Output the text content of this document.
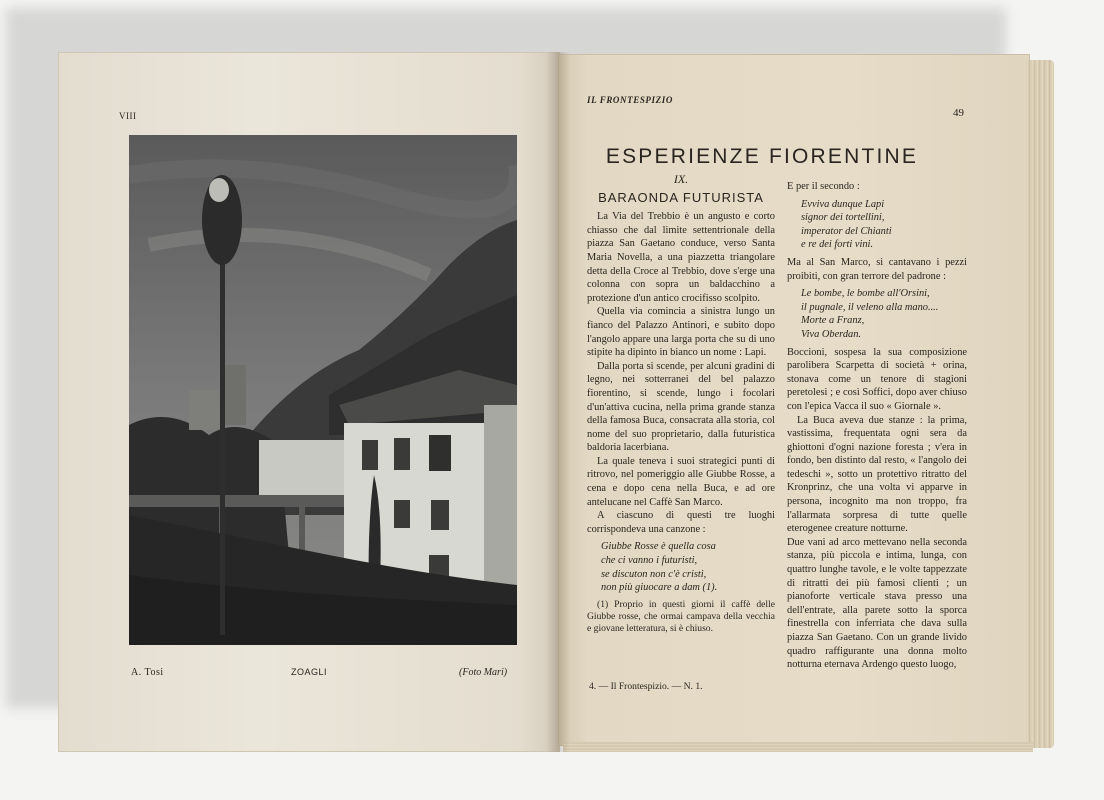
VIII
A. Tosi	ZOAGLI	(Foto Mari)
IL FRONTESPIZIO
49
ESPERIENZE FIORENTINE
IX.
BARAONDA FUTURISTA

La Via del Trebbio è un angusto e corto chiasso che dal limite settentrionale della piazza San Gaetano conduce, verso Santa Maria Novella, a una piazzetta triangolare detta della Croce al Trebbio, dove s'erge una colonna con sopra un baldacchino a protezione d'un antico crocifisso scolpito.

Quella via comincia a sinistra lungo un fianco del Palazzo Antinori, e subito dopo l'angolo appare una larga porta che su di uno stipite ha dipinto in bianco un nome : Lapi.

Dalla porta si scende, per alcuni gradini di legno, nei sotterranei del bel palazzo fiorentino, si scende, lungo i focolari d'un'attiva cucina, nella prima grande stanza della famosa Buca, consacrata alla storia, col nome del suo proprietario, dalla futuristica baldoria lacerbiana.

La quale teneva i suoi strategici punti di ritrovo, nel pomeriggio alle Giubbe Rosse, a cena e dopo cena nella Buca, e ad ore antelucane nel Caffè San Marco.

A ciascuno di questi tre luoghi corrispondeva una canzone :

Giubbe Rosse è quella cosa
che ci vanno i futuristi,
se discuton non c'è cristi,
non più giuocare a dam (1).

(1) Proprio in questi giorni il caffè delle Giubbe rosse, che ormai campava della vecchia e giovane letteratura, si è chiuso.

4. — Il Frontespizio. — N. 1.

E per il secondo :

Evviva dunque Lapi
signor dei tortellini,
imperator del Chianti
e re dei forti vini.

Ma al San Marco, si cantavano i pezzi proibiti, con gran terrore del padrone :

Le bombe, le bombe all'Orsini,
il pugnale, il veleno alla mano....
Morte a Franz,
Viva Oberdan.

Boccioni, sospesa la sua composizione parolibera Scarpetta di società + orina, stonava come un tenore di stagioni peretolesi ; e così Soffici, dopo aver chiuso con l'epica Vacca il suo « Giornale ».

La Buca aveva due stanze : la prima, vastissima, frequentata ogni sera da ghiottoni d'ogni nazione foresta ; v'era in fondo, ben distinto dal resto, « l'angolo dei tedeschi », sotto un protettivo ritratto del Kronprinz, che una volta vi apparve in persona, incognito ma non troppo, fra l'allarmata sorpresa di tutte quelle eterogenee creature notturne.

Due vani ad arco mettevano nella seconda stanza, più piccola e intima, lunga, con quattro lunghe tavole, e le volte tappezzate di ritratti dei più famosi clienti ; un pianoforte verticale stava presso una dell'entrate, alla parete sotto la sporca finestrella con inferriata che dava sulla piazza San Gaetano. Con un grande livido quadro raffigurante una donna molto notturna eternava Ardengo questo luogo,
